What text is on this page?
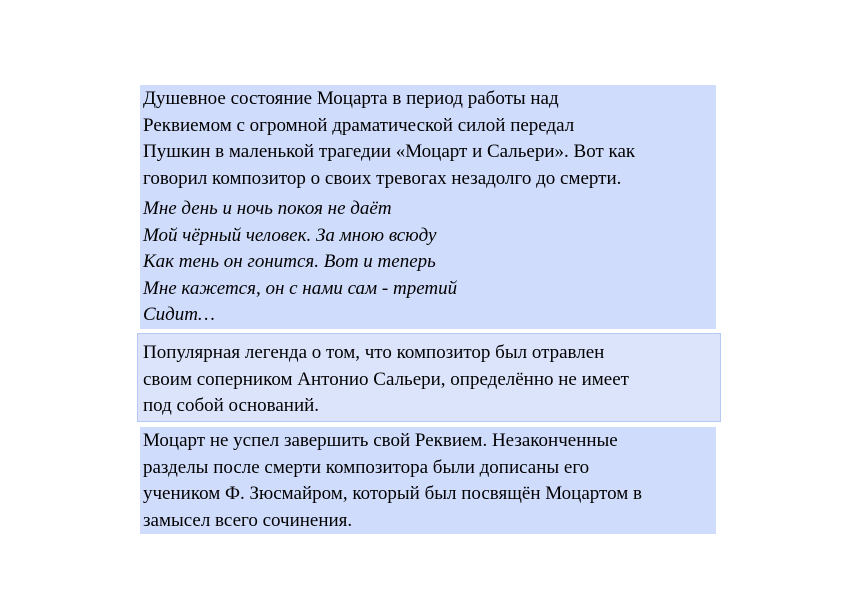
Душевное состояние Моцарта в период работы над
Реквиемом с огромной драматической силой передал
Пушкин в маленькой трагедии «Моцарт и Сальери». Вот как
говорил композитор о своих тревогах незадолго до смерти.

Мне день и ночь покоя не даёт
Мой чёрный человек. За мною всюду
Как тень он гонится. Вот и теперь
Мне кажется, он с нами сам - третий
Сидит…

Популярная легенда о том, что композитор был отравлен
своим соперником Антонио Сальери, определённо не имеет
под собой оснований.

Моцарт не успел завершить свой Реквием. Незаконченные
разделы после смерти композитора были дописаны его
учеником Ф. Зюсмайром, который был посвящён Моцартом в
замысел всего сочинения.
